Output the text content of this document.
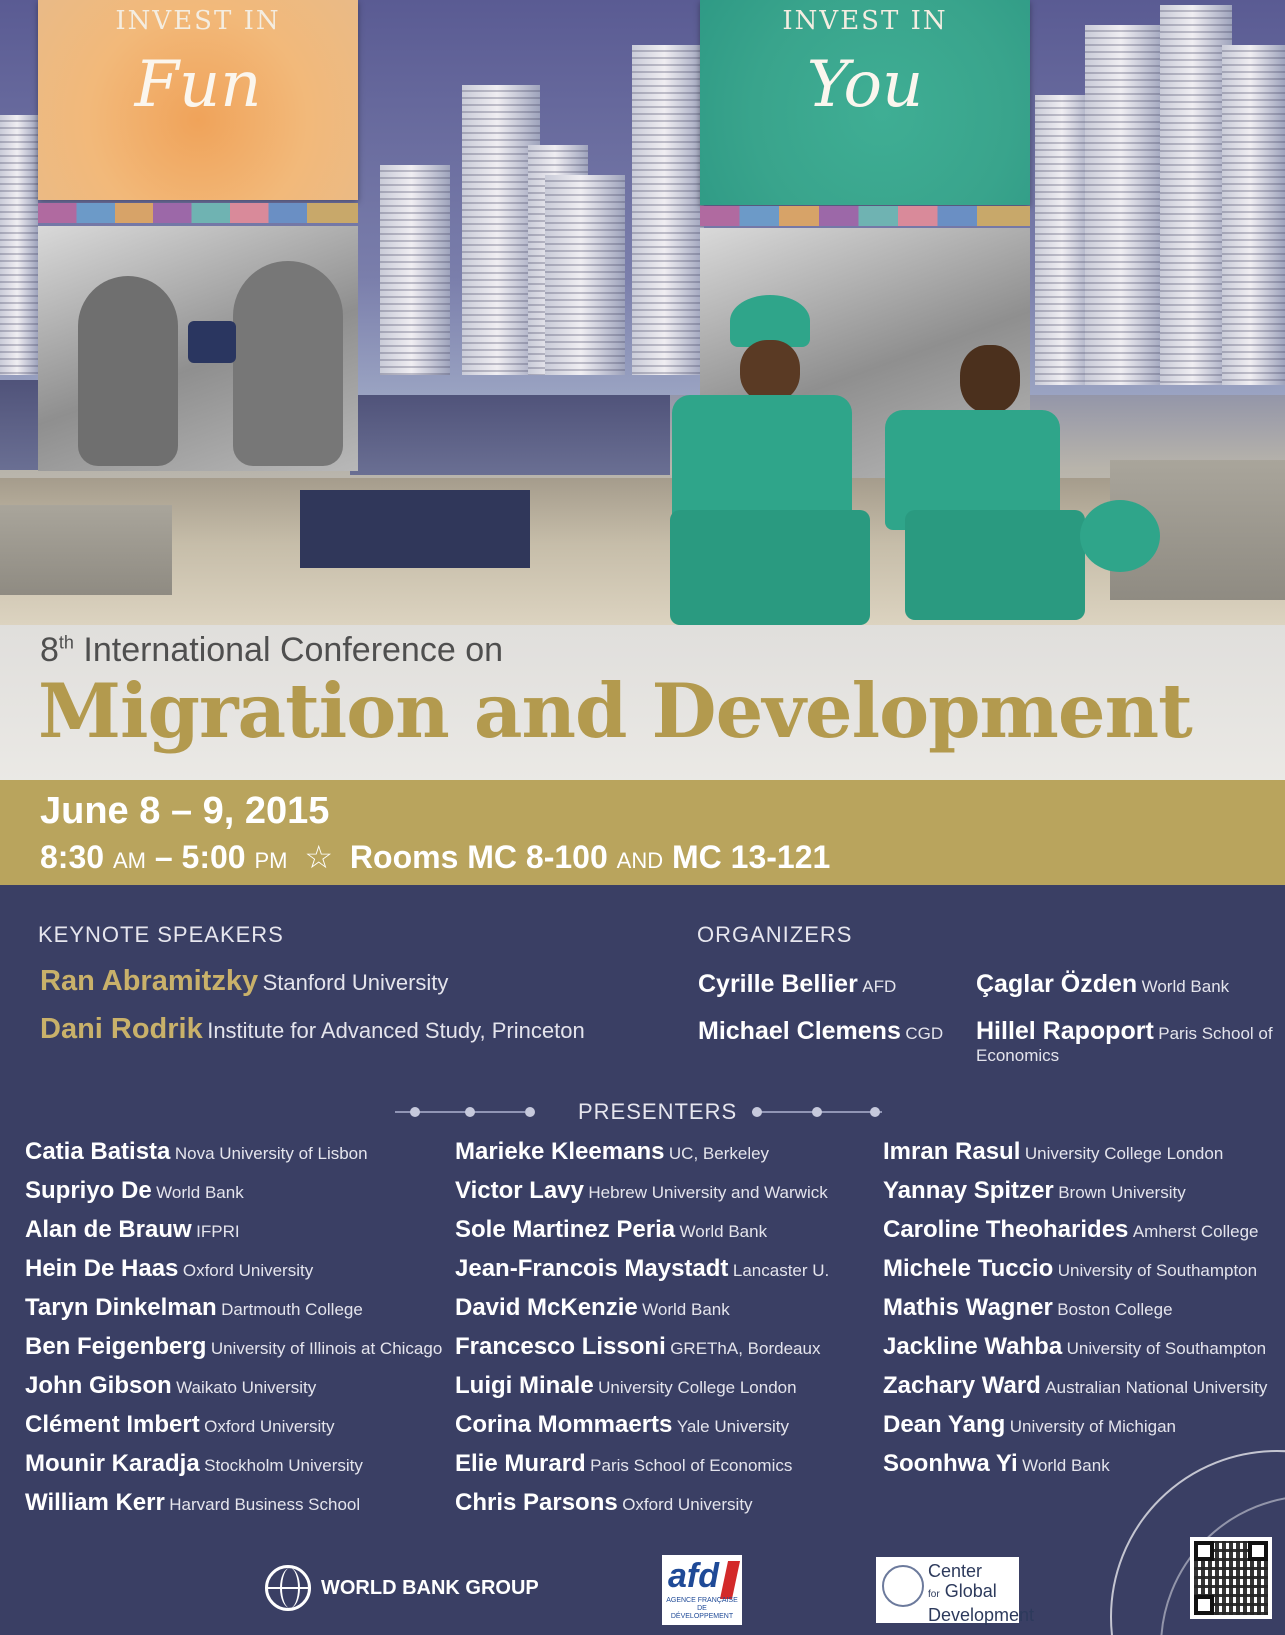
INVEST IN
Fun
INVEST IN
You
8th International Conference on
Migration and Development
June 8 – 9, 2015
8:30 AM – 5:00 PM ☆ Rooms MC 8-100 AND MC 13-121
KEYNOTE SPEAKERS
Ran Abramitzky Stanford University
Dani Rodrik Institute for Advanced Study, Princeton
ORGANIZERS
Cyrille Bellier AFD
Michael Clemens CGD
Çaglar Özden World Bank
Hillel Rapoport Paris School of Economics
PRESENTERS
Catia Batista Nova University of Lisbon
Supriyo De World Bank
Alan de Brauw IFPRI
Hein De Haas Oxford University
Taryn Dinkelman Dartmouth College
Ben Feigenberg University of Illinois at Chicago
John Gibson Waikato University
Clément Imbert Oxford University
Mounir Karadja Stockholm University
William Kerr Harvard Business School
Marieke Kleemans UC, Berkeley
Victor Lavy Hebrew University and Warwick
Sole Martinez Peria World Bank
Jean-Francois Maystadt Lancaster U.
David McKenzie World Bank
Francesco Lissoni GREThA, Bordeaux
Luigi Minale University College London
Corina Mommaerts Yale University
Elie Murard Paris School of Economics
Chris Parsons Oxford University
Imran Rasul University College London
Yannay Spitzer Brown University
Caroline Theoharides Amherst College
Michele Tuccio University of Southampton
Mathis Wagner Boston College
Jackline Wahba University of Southampton
Zachary Ward Australian National University
Dean Yang University of Michigan
Soonhwa Yi World Bank
WORLD BANK GROUP	afd
AGENCE FRANÇAISE DE DÉVELOPPEMENT
Center
for Global
Development
